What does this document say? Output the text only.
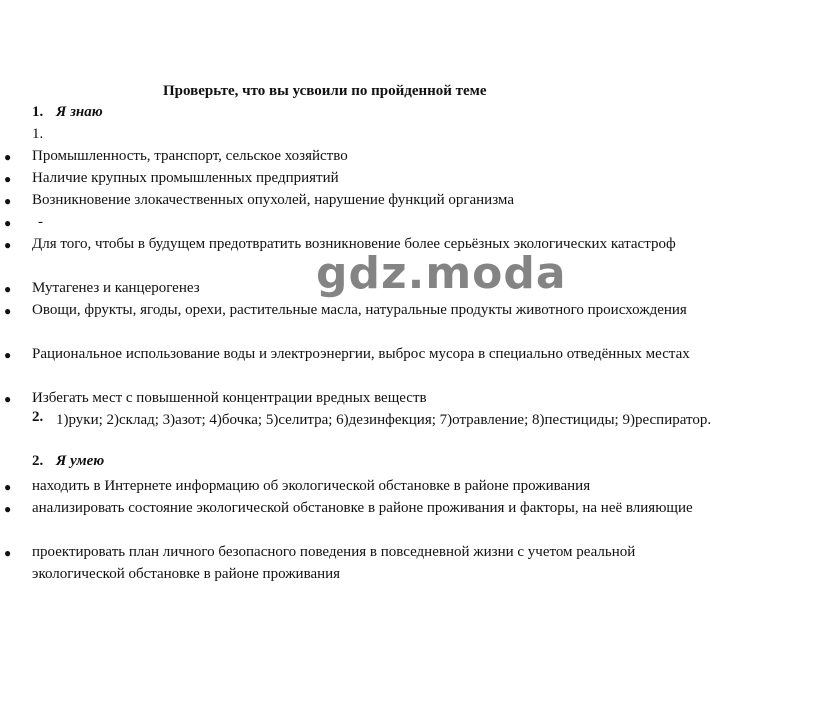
Проверьте, что вы усвоили по пройденной теме
1. Я знаю
1.
● Промышленность, транспорт, сельское хозяйство
● Наличие крупных промышленных предприятий
● Возникновение злокачественных опухолей, нарушение функций организма
● -
● Для того, чтобы в будущем предотвратить возникновение более серьёзных экологических катастроф
● Мутагенез и канцерогенез
● Овощи, фрукты, ягоды, орехи, растительные масла, натуральные продукты животного происхождения
● Рациональное использование воды и электроэнергии, выброс мусора в специально отведённых местах
● Избегать мест с повышенной концентрации вредных веществ
2. 1)руки; 2)склад; 3)азот; 4)бочка; 5)селитра; 6)дезинфекция; 7)отравление; 8)пестициды; 9)респиратор.
2. Я умею
● находить в Интернете информацию об экологической обстановке в районе проживания
● анализировать состояние экологической обстановке в районе проживания и факторы, на неё влияющие
● проектировать план личного безопасного поведения в повседневной жизни с учетом реальной экологической обстановке в районе проживания
gdz.moda
